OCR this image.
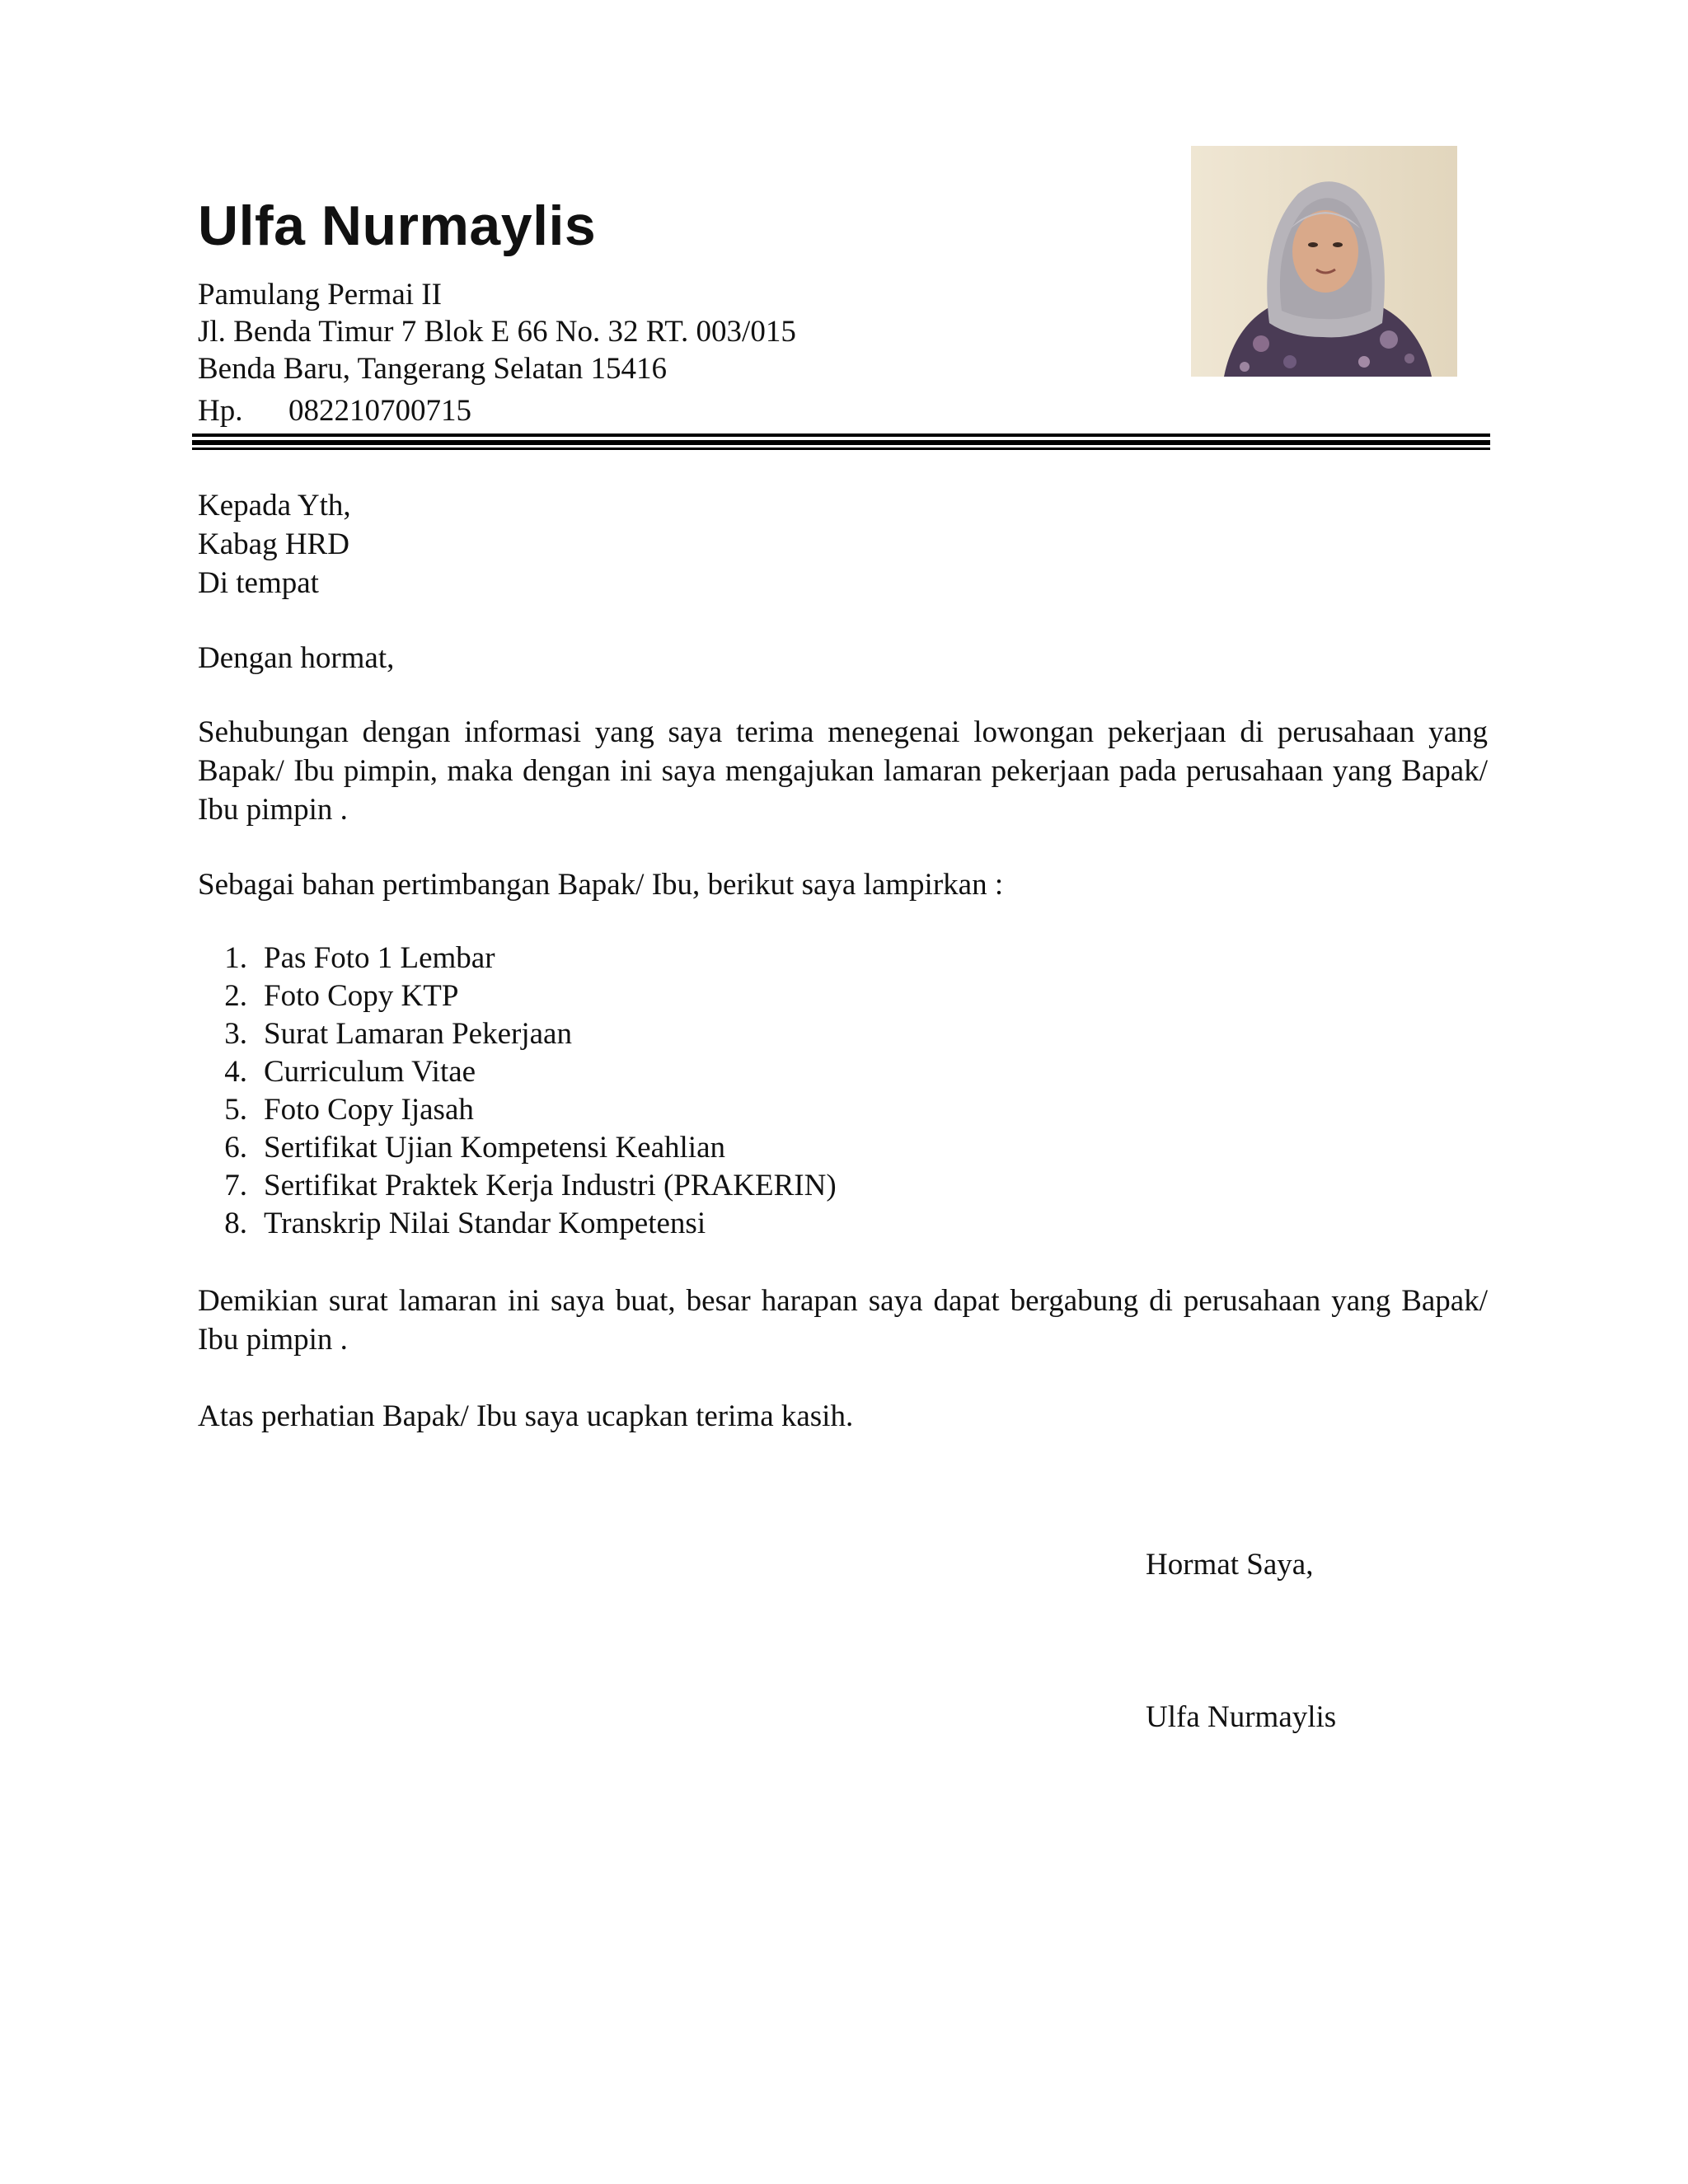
Ulfa Nurmaylis
Pamulang Permai II
Jl. Benda Timur 7 Blok E 66 No. 32 RT. 003/015
Benda Baru, Tangerang Selatan 15416
Hp. 082210700715
Kepada Yth,
Kabag HRD
Di tempat
Dengan hormat,
Sehubungan dengan informasi yang saya terima menegenai lowongan pekerjaan di perusahaan yang Bapak/ Ibu pimpin, maka dengan ini saya mengajukan lamaran pekerjaan pada perusahaan yang Bapak/ Ibu pimpin .
Sebagai bahan pertimbangan Bapak/ Ibu, berikut saya lampirkan :
1. Pas Foto 1 Lembar
2. Foto Copy KTP
3. Surat Lamaran Pekerjaan
4. Curriculum Vitae
5. Foto Copy Ijasah
6. Sertifikat Ujian Kompetensi Keahlian
7. Sertifikat Praktek Kerja Industri (PRAKERIN)
8. Transkrip Nilai Standar Kompetensi
Demikian surat lamaran ini saya buat, besar harapan saya dapat bergabung di perusahaan yang Bapak/ Ibu pimpin .
Atas perhatian Bapak/ Ibu saya ucapkan terima kasih.
Hormat Saya,
Ulfa Nurmaylis
